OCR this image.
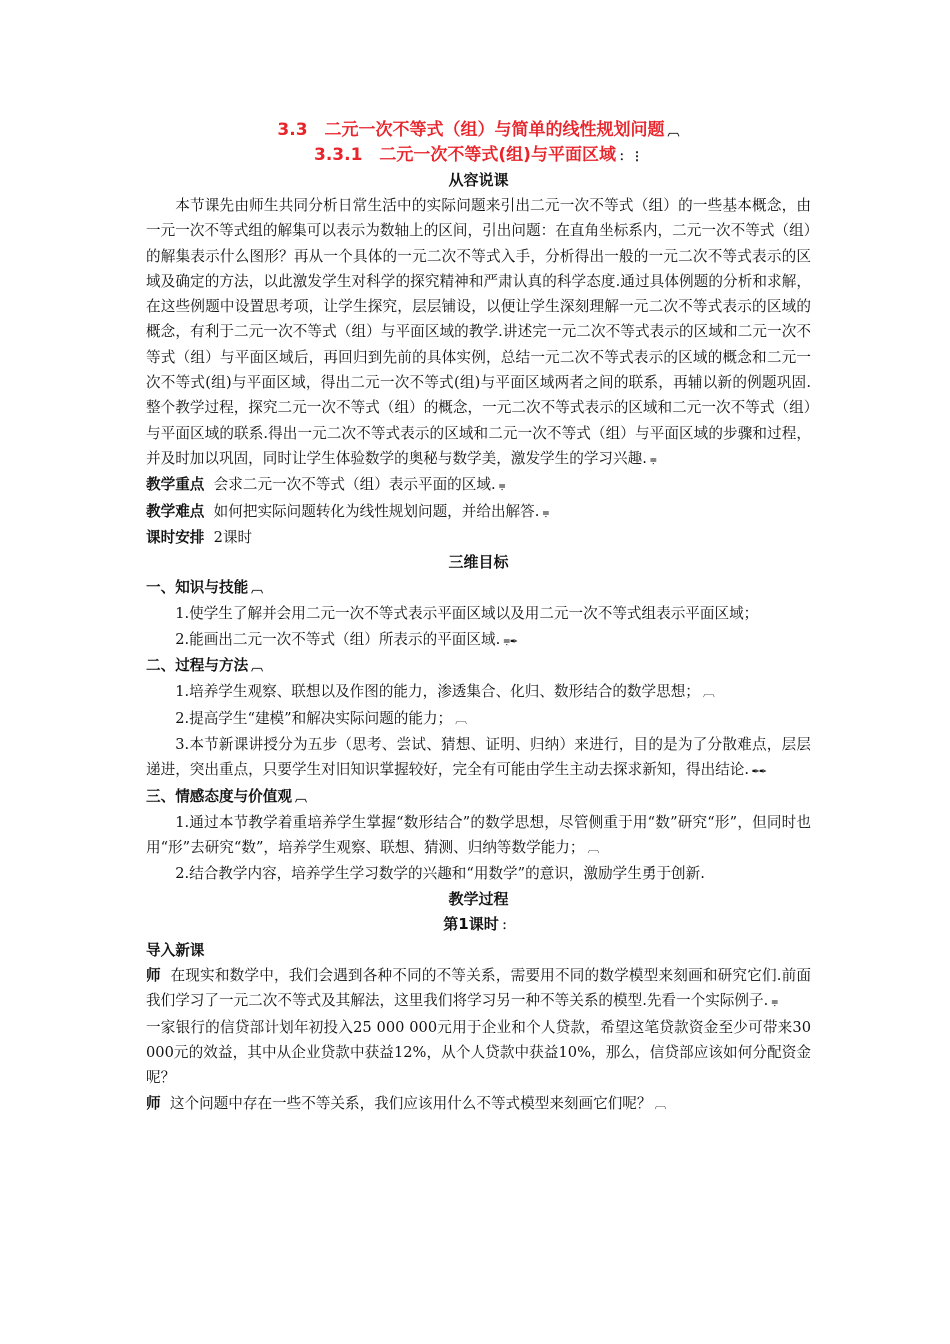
3.3　二元一次不等式（组）与简单的线性规划问题 ︹
3.3.1　二元一次不等式(组)与平面区域 ：⋮
从容说课

本节课先由师生共同分析日常生活中的实际问题来引出二元一次不等式（组）的一些基本概念，由一元一次不等式组的解集可以表示为数轴上的区间，引出问题：在直角坐标系内，二元一次不等式（组）的解集表示什么图形？再从一个具体的一元二次不等式入手，分析得出一般的一元二次不等式表示的区域及确定的方法，以此激发学生对科学的探究精神和严肃认真的科学态度.通过具体例题的分析和求解，在这些例题中设置思考项，让学生探究，层层铺设，以便让学生深刻理解一元二次不等式表示的区域的概念，有利于二元一次不等式（组）与平面区域的教学.讲述完一元二次不等式表示的区域和二元一次不等式（组）与平面区域后，再回归到先前的具体实例，总结一元二次不等式表示的区域的概念和二元一次不等式(组)与平面区域，得出二元一次不等式(组)与平面区域两者之间的联系，再辅以新的例题巩固.整个教学过程，探究二元一次不等式（组）的概念，一元二次不等式表示的区域和二元一次不等式（组）与平面区域的联系.得出一元二次不等式表示的区域和二元一次不等式（组）与平面区域的步骤和过程，并及时加以巩固，同时让学生体验数学的奥秘与数学美，激发学生的学习兴趣. ⩦

教学重点 会求二元一次不等式（组）表示平面的区域. ⩦

教学难点 如何把实际问题转化为线性规划问题，并给出解答. ⩦

课时安排 2课时

三维目标
一、知识与技能 ︹

1.使学生了解并会用二元一次不等式表示平面区域以及用二元一次不等式组表示平面区域；

2.能画出二元一次不等式（组）所表示的平面区域. ⩦✒

二、过程与方法 ︹

1.培养学生观察、联想以及作图的能力，渗透集合、化归、数形结合的数学思想； ︹

2.提高学生“建模”和解决实际问题的能力； ︹

3.本节新课讲授分为五步（思考、尝试、猜想、证明、归纳）来进行，目的是为了分散难点，层层递进，突出重点，只要学生对旧知识掌握较好，完全有可能由学生主动去探求新知，得出结论. ✒✒

三、情感态度与价值观 ︹

1.通过本节教学着重培养学生掌握“数形结合”的数学思想，尽管侧重于用“数”研究“形”，但同时也用“形”去研究“数”，培养学生观察、联想、猜测、归纳等数学能力； ︹

2.结合教学内容，培养学生学习数学的兴趣和“用数学”的意识，激励学生勇于创新.

教学过程
第1课时 ：
导入新课

师 在现实和数学中，我们会遇到各种不同的不等关系，需要用不同的数学模型来刻画和研究它们.前面我们学习了一元二次不等式及其解法，这里我们将学习另一种不等关系的模型.先看一个实际例子. ⩦

一家银行的信贷部计划年初投入25 000 000元用于企业和个人贷款，希望这笔贷款资金至少可带来30 000元的效益，其中从企业贷款中获益12%，从个人贷款中获益10%，那么，信贷部应该如何分配资金呢？

师 这个问题中存在一些不等关系，我们应该用什么不等式模型来刻画它们呢？ ︹
